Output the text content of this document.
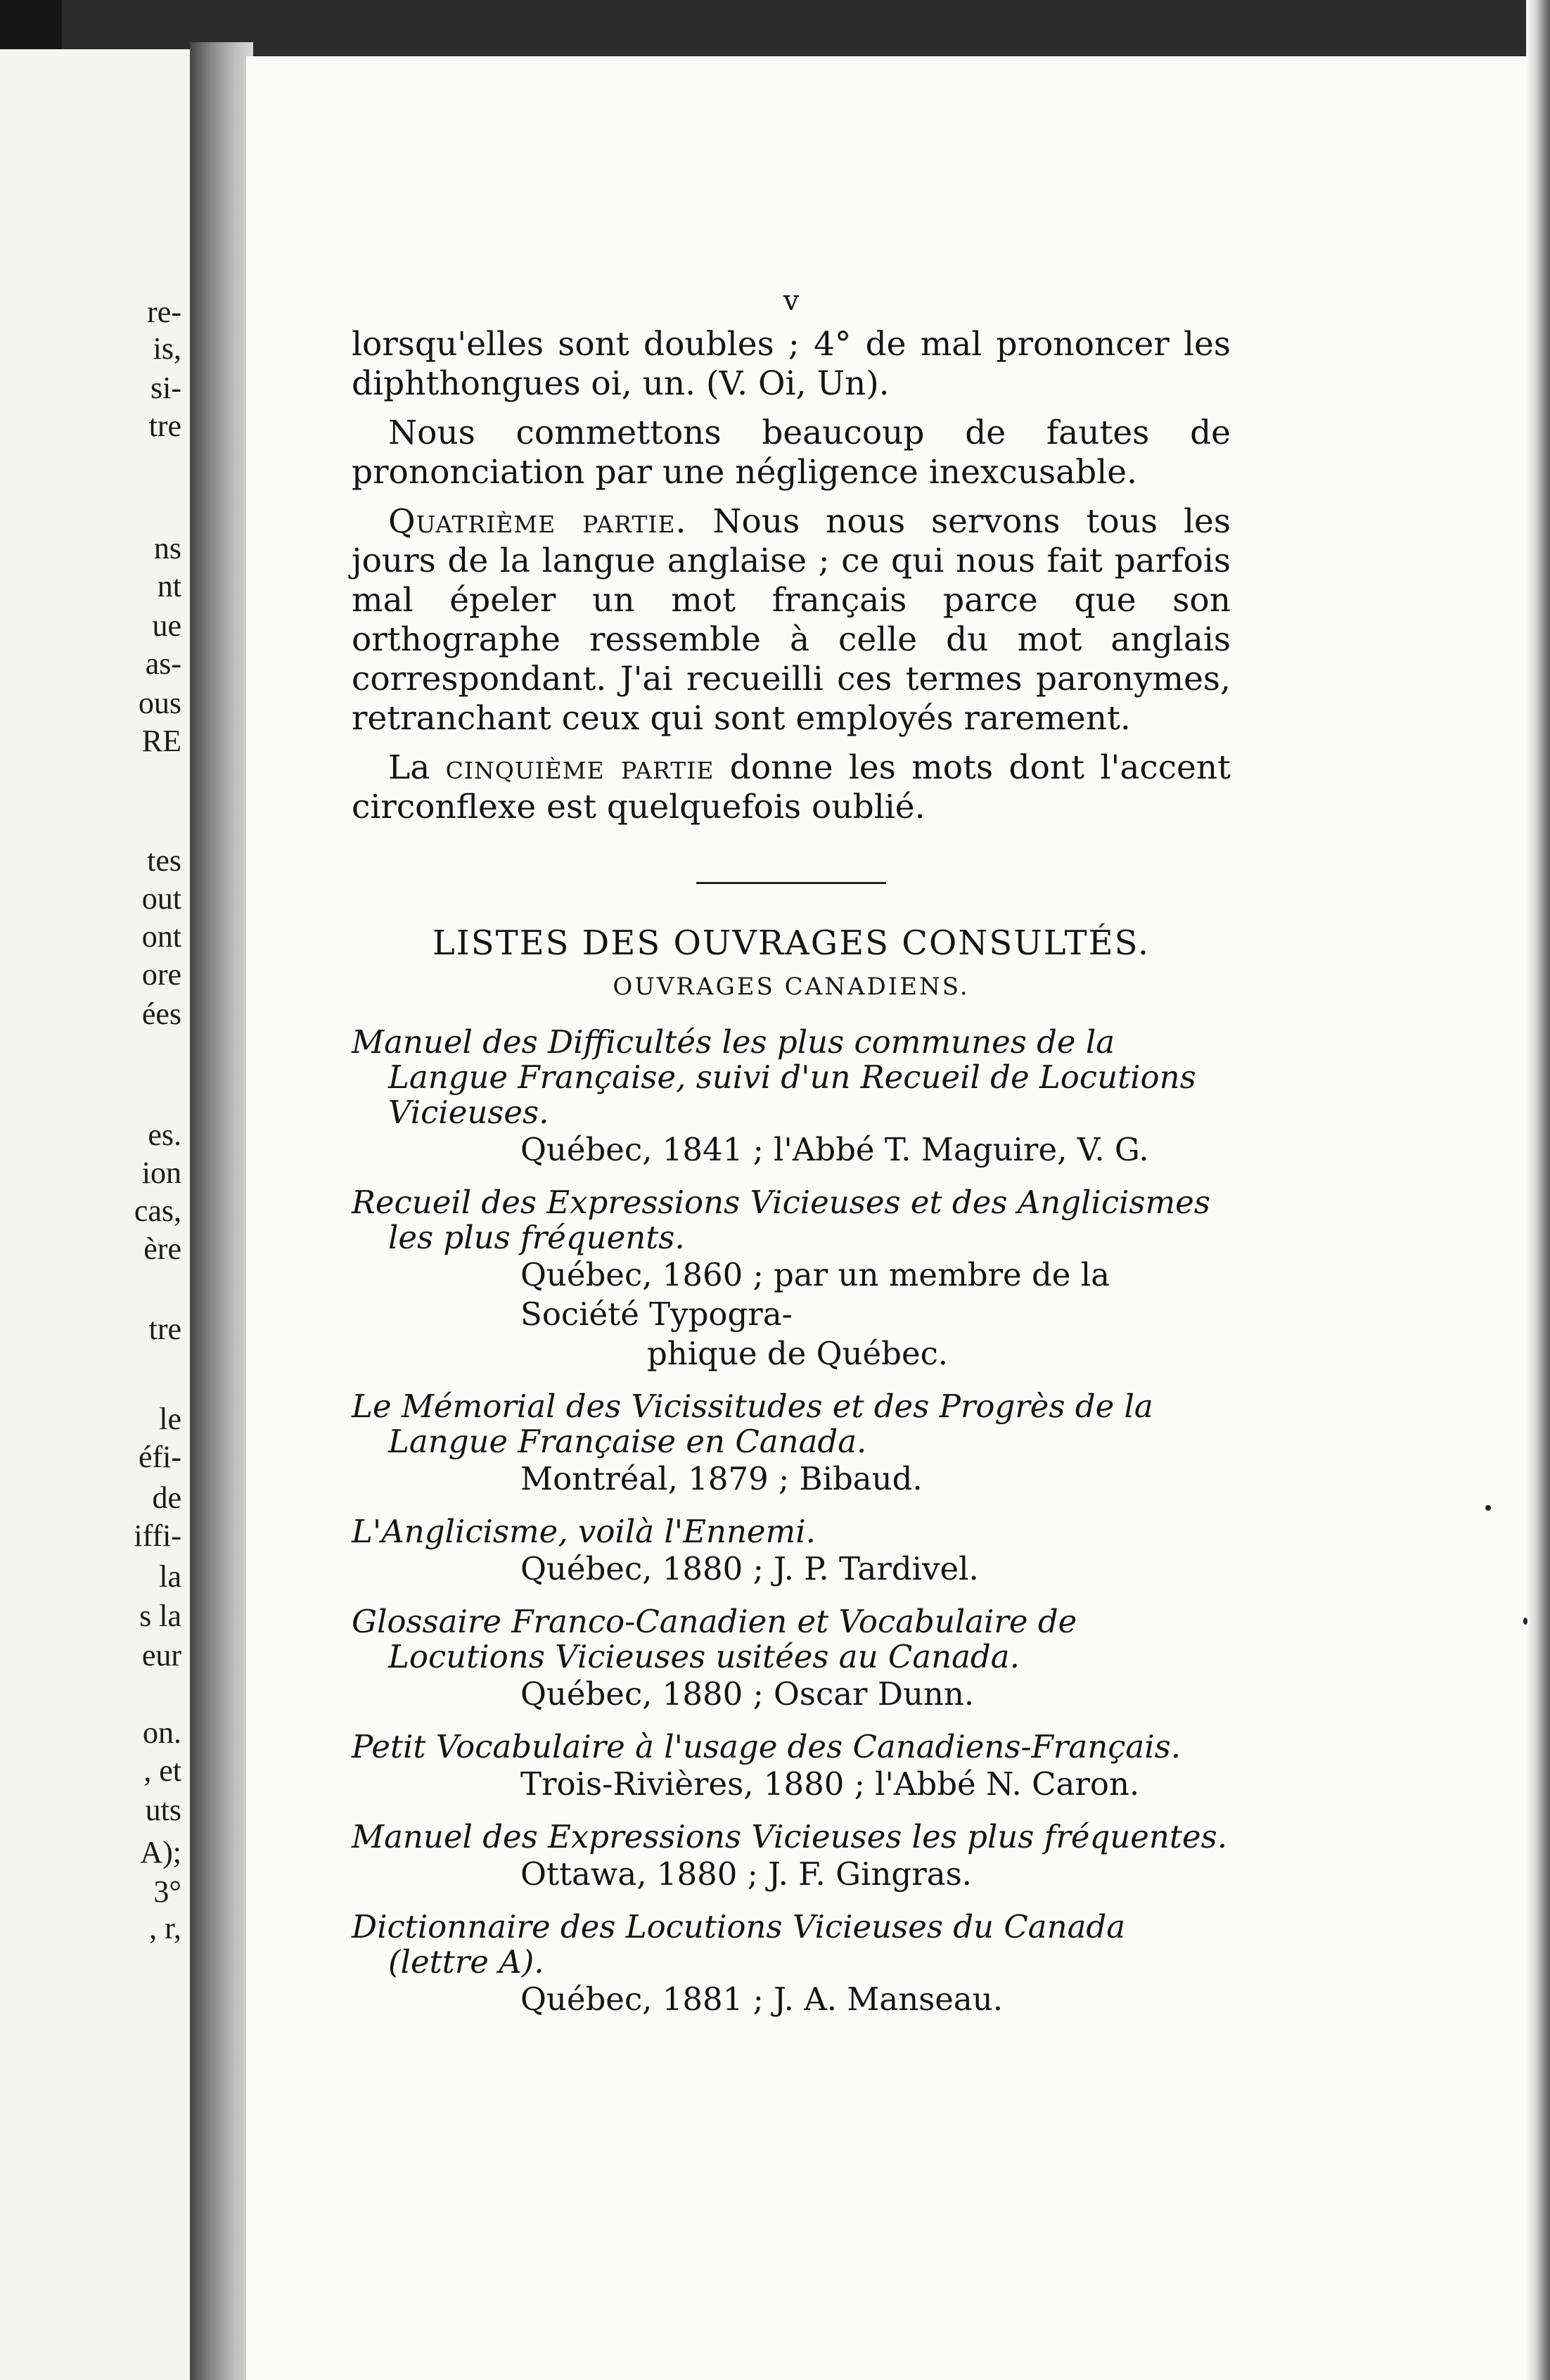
re-
is,
si-
tre
ns
nt
ue
as-
ous
RE
tes
out
ont
ore
ées
es.
ion
cas,
ère
tre
le
éfi-
de
iffi-
la
s la
eur
on.
, et
uts
A);
3°
, r,
v

lorsqu'elles sont doubles ; 4° de mal prononcer les diphthongues oi, un. (V. Oi, Un).

Nous commettons beaucoup de fautes de prononciation par une négligence inexcusable.

Quatrième partie. Nous nous servons tous les jours de la langue anglaise ; ce qui nous fait parfois mal épeler un mot français parce que son orthographe ressemble à celle du mot anglais correspondant. J'ai recueilli ces termes paronymes, retranchant ceux qui sont employés rarement.

La cinquième partie donne les mots dont l'accent circonflexe est quelquefois oublié.

LISTES DES OUVRAGES CONSULTÉS.
OUVRAGES CANADIENS.
Manuel des Difficultés les plus communes de la Langue Française, suivi d'un Recueil de Locutions Vicieuses.
Québec, 1841 ; l'Abbé T. Maguire, V. G.
Recueil des Expressions Vicieuses et des Anglicismes les plus fréquents.
Québec, 1860 ; par un membre de la Société Typogra-
phique de Québec.
Le Mémorial des Vicissitudes et des Progrès de la Langue Française en Canada.
Montréal, 1879 ; Bibaud.
L'Anglicisme, voilà l'Ennemi.
Québec, 1880 ; J. P. Tardivel.
Glossaire Franco-Canadien et Vocabulaire de Locutions Vicieuses usitées au Canada.
Québec, 1880 ; Oscar Dunn.
Petit Vocabulaire à l'usage des Canadiens-Français.
Trois-Rivières, 1880 ; l'Abbé N. Caron.
Manuel des Expressions Vicieuses les plus fréquentes.
Ottawa, 1880 ; J. F. Gingras.
Dictionnaire des Locutions Vicieuses du Canada (lettre A).
Québec, 1881 ; J. A. Manseau.
